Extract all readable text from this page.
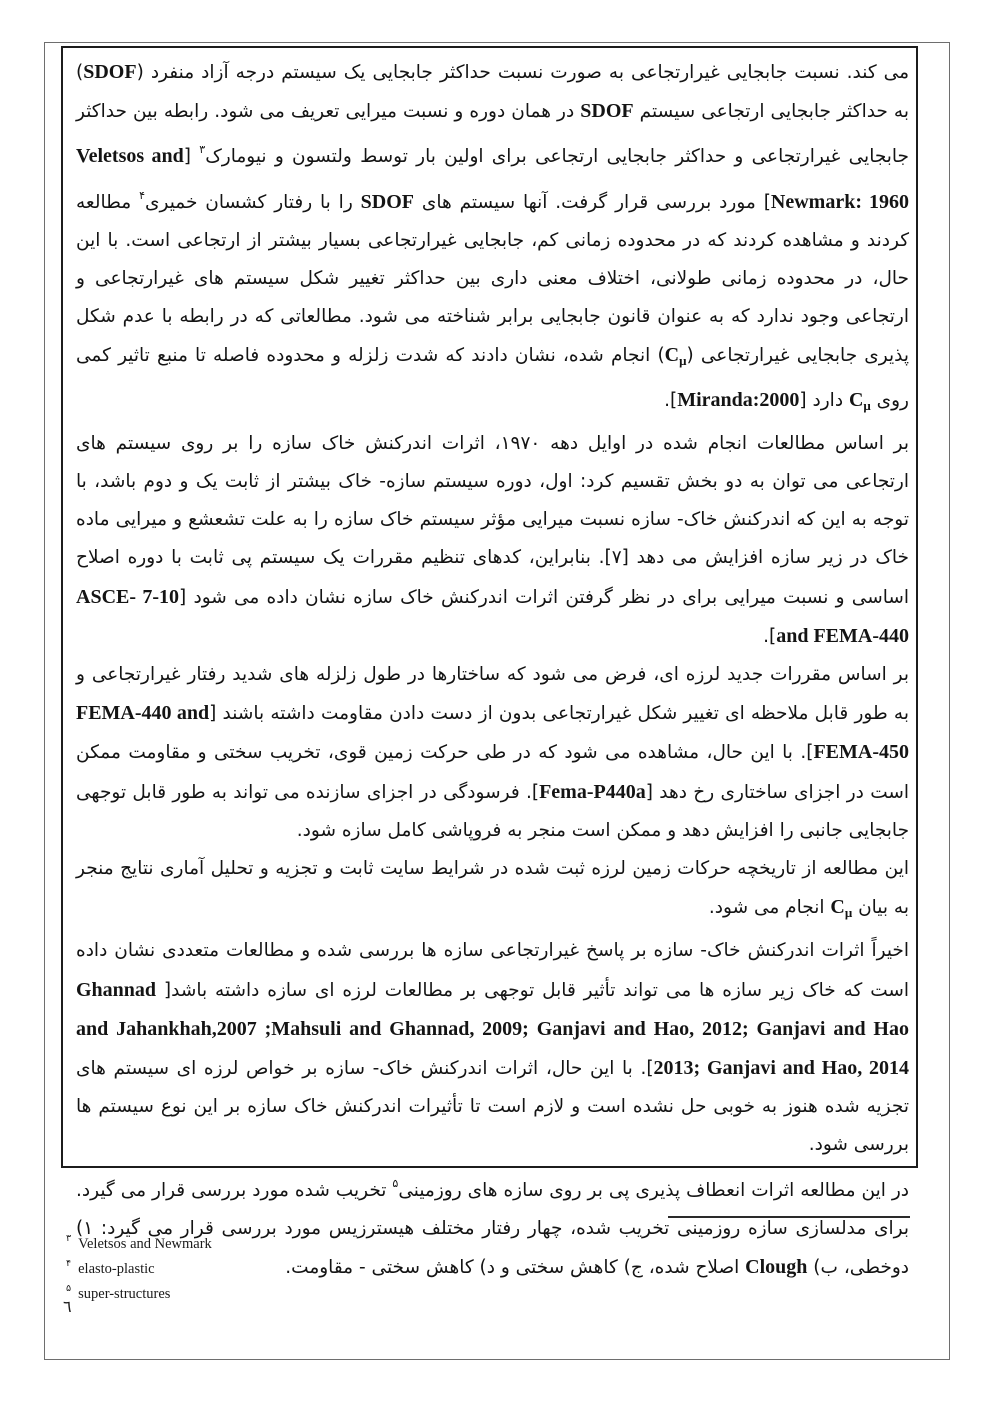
می کند. نسبت جابجایی غیرارتجاعی به صورت نسبت حداکثر جابجایی یک سیستم درجه آزاد منفرد (SDOF) به حداکثر جابجایی ارتجاعی سیستم SDOF در همان دوره و نسبت میرایی تعریف می شود. رابطه بین حداکثر جابجایی غیرارتجاعی و حداکثر جابجایی ارتجاعی برای اولین بار توسط ولتسون و نیومارک$^۳$ [Veletsos and Newmark: 1960] مورد بررسی قرار گرفت. آنها سیستم های SDOF را با رفتار کشسان خمیری$^۴$ مطالعه کردند و مشاهده کردند که در محدوده زمانی کم، جابجایی غیرارتجاعی بسیار بیشتر از ارتجاعی است. با این حال، در محدوده زمانی طولانی، اختلاف معنی داری بین حداکثر تغییر شکل سیستم های غیرارتجاعی و ارتجاعی وجود ندارد که به عنوان قانون جابجایی برابر شناخته می شود. مطالعاتی که در رابطه با عدم شکل پذیری جابجایی غیرارتجاعی $(C_\mu)$ انجام شده، نشان دادند که شدت زلزله و محدوده فاصله تا منبع تاثیر کمی روی $C_\mu$ دارد [Miranda:2000].

بر اساس مطالعات انجام شده در اوایل دهه ۱۹۷۰، اثرات اندرکنش خاک سازه را بر روی سیستم های ارتجاعی می توان به دو بخش تقسیم کرد: اول، دوره سیستم سازه- خاک بیشتر از ثابت یک و دوم باشد، با توجه به این که اندرکنش خاک- سازه نسبت میرایی مؤثر سیستم خاک سازه را به علت تشعشع و میرایی ماده خاک در زیر سازه افزایش می دهد [۷]. بنابراین، کدهای تنظیم مقررات یک سیستم پی ثابت با دوره اصلاح اساسی و نسبت میرایی برای در نظر گرفتن اثرات اندرکنش خاک سازه نشان داده می شود [ASCE- 7-10 and FEMA-440].

بر اساس مقررات جدید لرزه ای، فرض می شود که ساختارها در طول زلزله های شدید رفتار غیرارتجاعی و به طور قابل ملاحظه ای تغییر شکل غیرارتجاعی بدون از دست دادن مقاومت داشته باشند [FEMA-440 and FEMA-450]. با این حال، مشاهده می شود که در طی حرکت زمین قوی، تخریب سختی و مقاومت ممکن است در اجزای ساختاری رخ دهد [Fema-P440a]. فرسودگی در اجزای سازنده می تواند به طور قابل توجهی جابجایی جانبی را افزایش دهد و ممکن است منجر به فروپاشی کامل سازه شود.

این مطالعه از تاریخچه حرکات زمین لرزه ثبت شده در شرایط سایت ثابت و تجزیه و تحلیل آماری نتایج منجر به بیان $C_\mu$ انجام می شود.

اخیراً اثرات اندرکنش خاک- سازه بر پاسخ غیرارتجاعی سازه ها بررسی شده و مطالعات متعددی نشان داده است که خاک زیر سازه ها می تواند تأثیر قابل توجهی بر مطالعات لرزه ای سازه داشته باشد[ Ghannad and Jahankhah,2007 ;Mahsuli and Ghannad, 2009; Ganjavi and Hao, 2012; Ganjavi and Hao 2013; Ganjavi and Hao, 2014]. با این حال، اثرات اندرکنش خاک- سازه بر خواص لرزه ای سیستم های تجزیه شده هنوز به خوبی حل نشده است و لازم است تا تأثیرات اندرکنش خاک سازه بر این نوع سیستم ها بررسی شود.

در این مطالعه اثرات انعطاف پذیری پی بر روی سازه های روزمینی$^۵$ تخریب شده مورد بررسی قرار می گیرد. برای مدلسازی سازه روزمینی تخریب شده، چهار رفتار مختلف هیسترزیس مورد بررسی قرار می گیرد: ۱) دوخطی، ب) Clough اصلاح شده، ج) کاهش سختی و د) کاهش سختی - مقاومت.

$^۳$ Veletsos and Newmark
$^۴$ elasto-plastic
$^۵$ super-structures
٦
